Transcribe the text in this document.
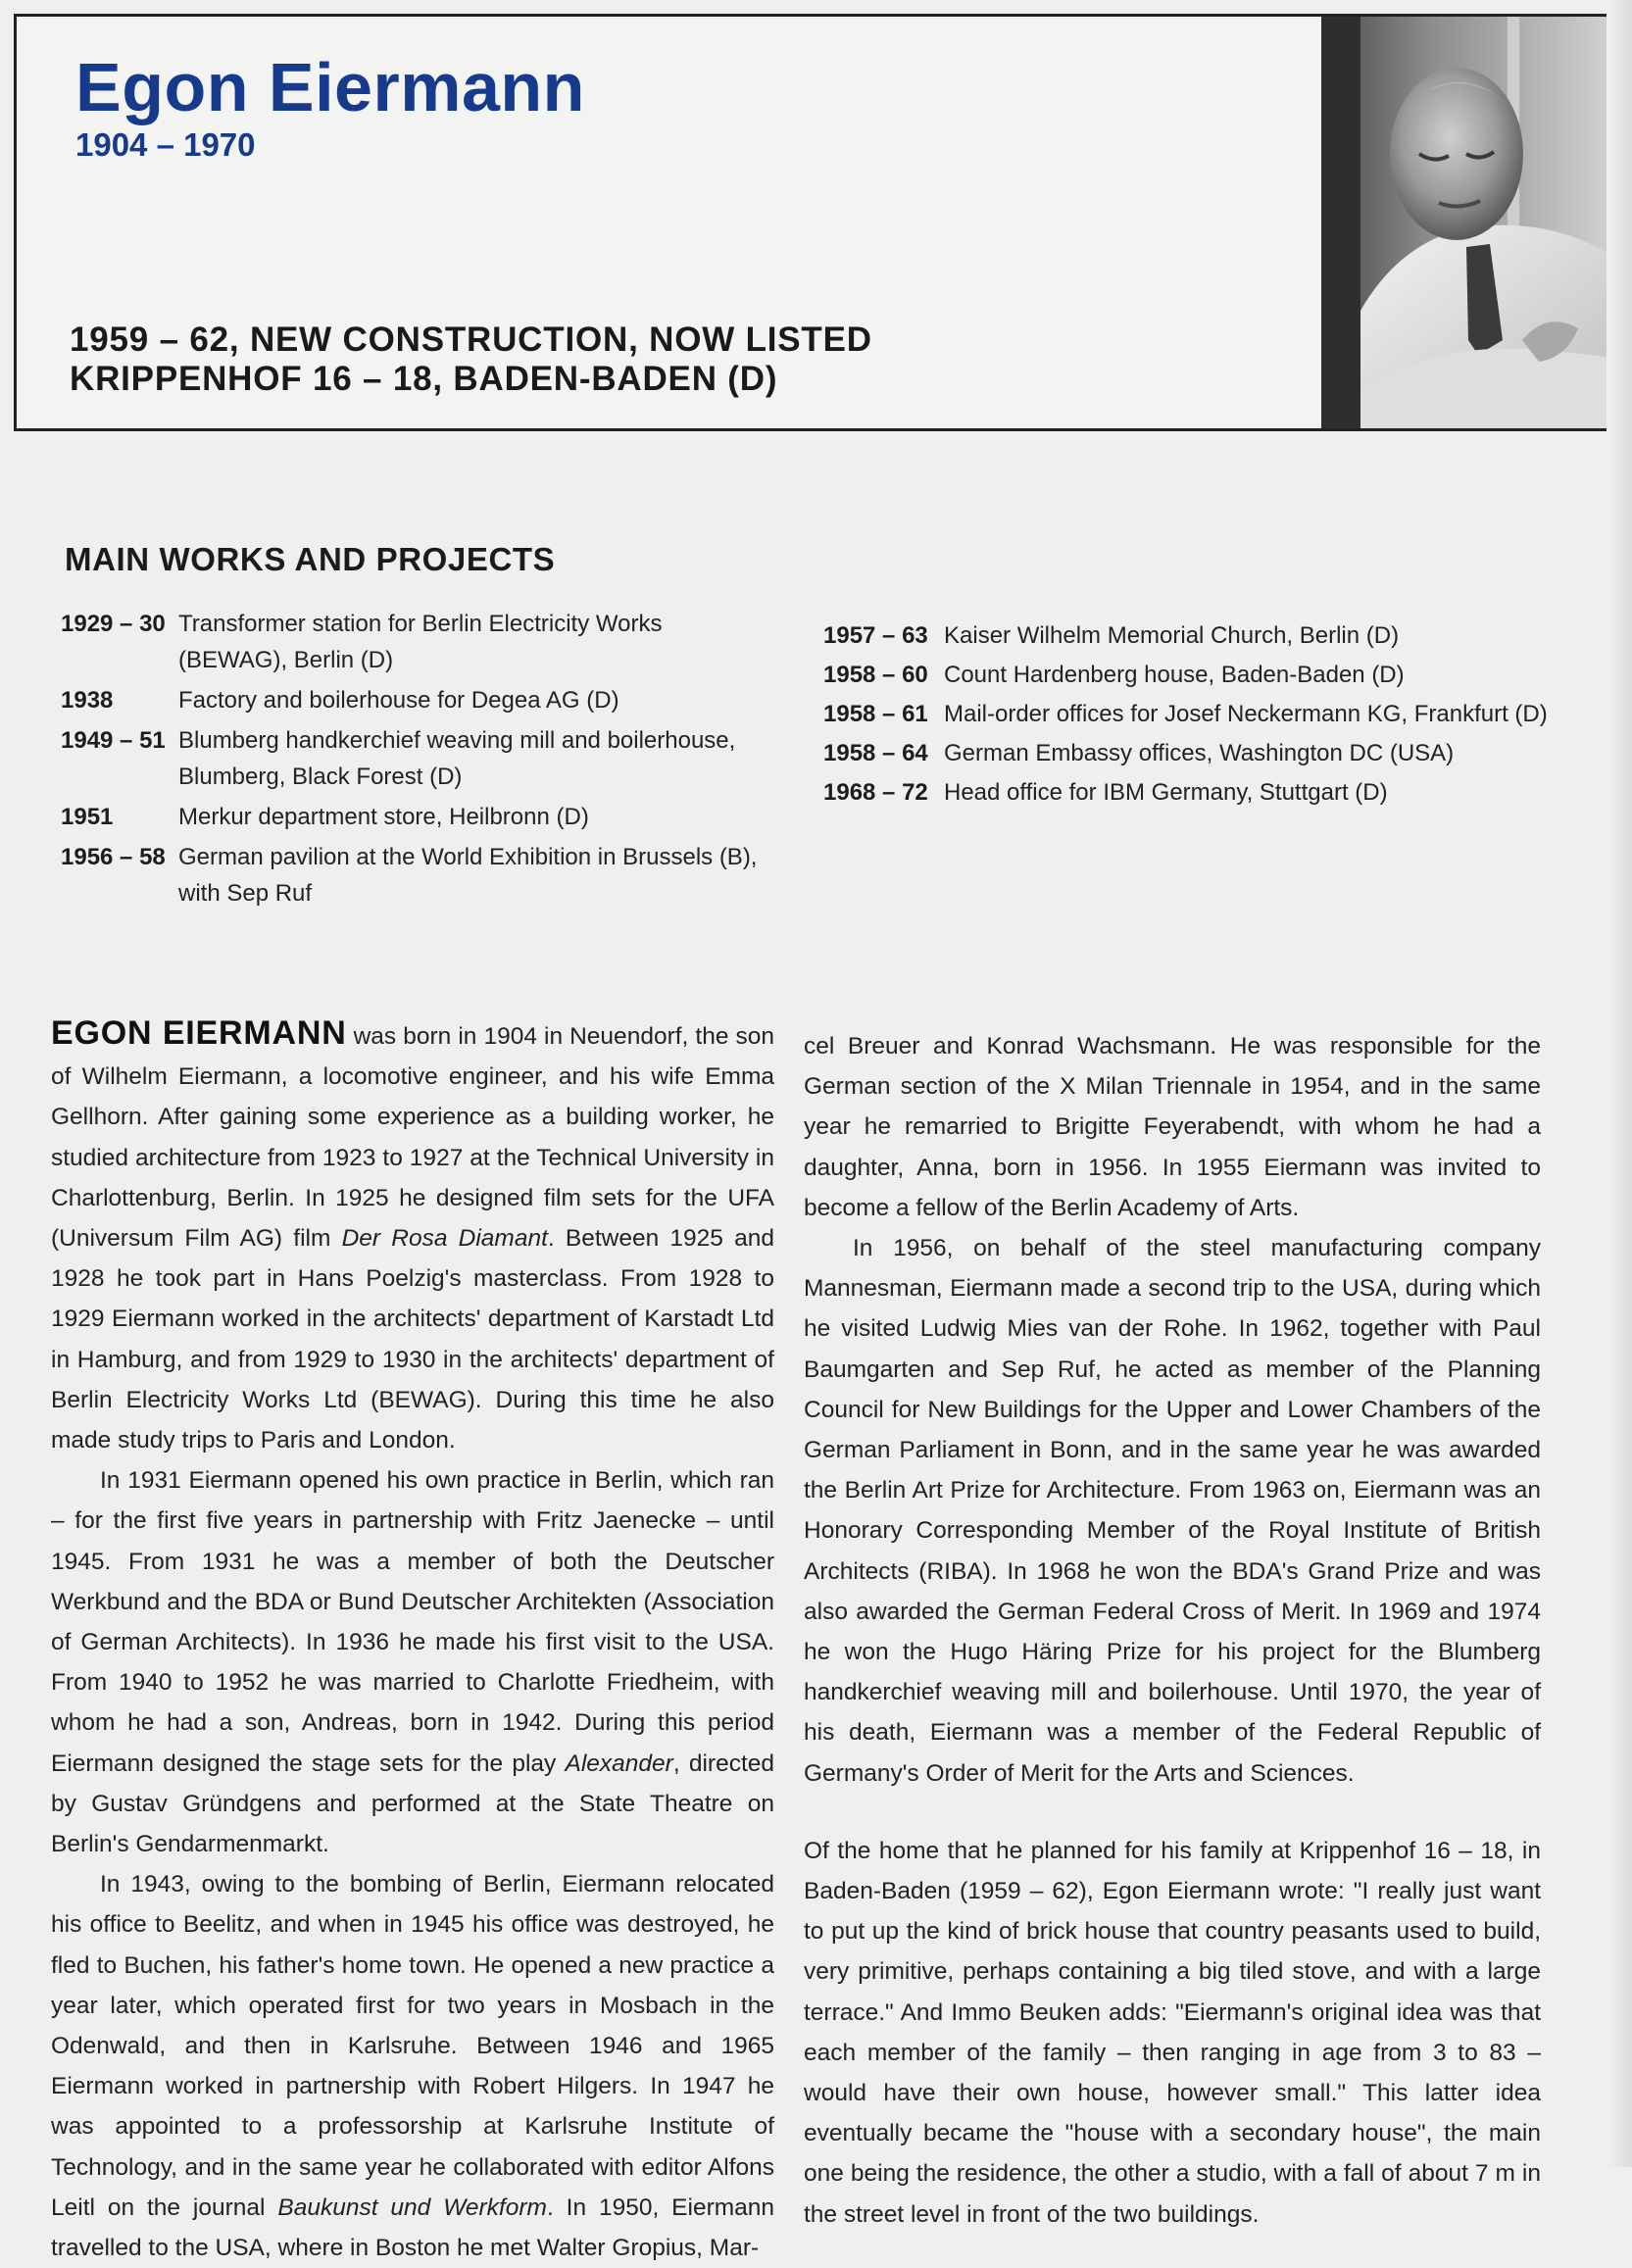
Egon Eiermann
1904 – 1970
1959 – 62, NEW CONSTRUCTION, NOW LISTED
KRIPPENHOF 16 – 18, BADEN-BADEN (D)
MAIN WORKS AND PROJECTS
1929 – 30 Transformer station for Berlin Electricity Works (BEWAG), Berlin (D)
1938	Factory and boilerhouse for Degea AG (D)
1949 – 51 Blumberg handkerchief weaving mill and boilerhouse, Blumberg, Black Forest (D)
1951	Merkur department store, Heilbronn (D)
1956 – 58 German pavilion at the World Exhibition in Brussels (B), with Sep Ruf
1957 – 63 Kaiser Wilhelm Memorial Church, Berlin (D)
1958 – 60 Count Hardenberg house, Baden-Baden (D)
1958 – 61 Mail-order offices for Josef Neckermann KG, Frankfurt (D)
1958 – 64 German Embassy offices, Washington DC (USA)
1968 – 72 Head office for IBM Germany, Stuttgart (D)

EGON EIERMANN was born in 1904 in Neuendorf, the son of Wilhelm Eiermann, a locomotive engineer, and his wife Emma Gellhorn. After gaining some experience as a building worker, he studied architecture from 1923 to 1927 at the Technical University in Charlottenburg, Berlin. In 1925 he designed film sets for the UFA (Universum Film AG) film Der Rosa Diamant. Between 1925 and 1928 he took part in Hans Poelzig's masterclass. From 1928 to 1929 Eiermann worked in the architects' department of Karstadt Ltd in Hamburg, and from 1929 to 1930 in the architects' department of Berlin Electricity Works Ltd (BEWAG). During this time he also made study trips to Paris and London.

In 1931 Eiermann opened his own practice in Berlin, which ran – for the first five years in partnership with Fritz Jaenecke – until 1945. From 1931 he was a member of both the Deutscher Werkbund and the BDA or Bund Deutscher Architekten (Association of German Architects). In 1936 he made his first visit to the USA. From 1940 to 1952 he was married to Charlotte Friedheim, with whom he had a son, Andreas, born in 1942. During this period Eiermann designed the stage sets for the play Alexander, directed by Gustav Gründgens and performed at the State Theatre on Berlin's Gendarmenmarkt.

In 1943, owing to the bombing of Berlin, Eiermann relocated his office to Beelitz, and when in 1945 his office was destroyed, he fled to Buchen, his father's home town. He opened a new practice a year later, which operated first for two years in Mosbach in the Odenwald, and then in Karlsruhe. Between 1946 and 1965 Eiermann worked in partnership with Robert Hilgers. In 1947 he was appointed to a professorship at Karlsruhe Institute of Technology, and in the same year he collaborated with editor Alfons Leitl on the journal Baukunst und Werkform. In 1950, Eiermann travelled to the USA, where in Boston he met Walter Gropius, Mar-

cel Breuer and Konrad Wachsmann. He was responsible for the German section of the X Milan Triennale in 1954, and in the same year he remarried to Brigitte Feyerabendt, with whom he had a daughter, Anna, born in 1956. In 1955 Eiermann was invited to become a fellow of the Berlin Academy of Arts.

In 1956, on behalf of the steel manufacturing company Mannesman, Eiermann made a second trip to the USA, during which he visited Ludwig Mies van der Rohe. In 1962, together with Paul Baumgarten and Sep Ruf, he acted as member of the Planning Council for New Buildings for the Upper and Lower Chambers of the German Parliament in Bonn, and in the same year he was awarded the Berlin Art Prize for Architecture. From 1963 on, Eiermann was an Honorary Corresponding Member of the Royal Institute of British Architects (RIBA). In 1968 he won the BDA's Grand Prize and was also awarded the German Federal Cross of Merit. In 1969 and 1974 he won the Hugo Häring Prize for his project for the Blumberg handkerchief weaving mill and boilerhouse. Until 1970, the year of his death, Eiermann was a member of the Federal Republic of Germany's Order of Merit for the Arts and Sciences.

Of the home that he planned for his family at Krippenhof 16 – 18, in Baden-Baden (1959 – 62), Egon Eiermann wrote: "I really just want to put up the kind of brick house that country peasants used to build, very primitive, perhaps containing a big tiled stove, and with a large terrace." And Immo Beuken adds: "Eiermann's original idea was that each member of the family – then ranging in age from 3 to 83 – would have their own house, however small." This latter idea eventually became the "house with a secondary house", the main one being the residence, the other a studio, with a fall of about 7 m in the street level in front of the two buildings.
